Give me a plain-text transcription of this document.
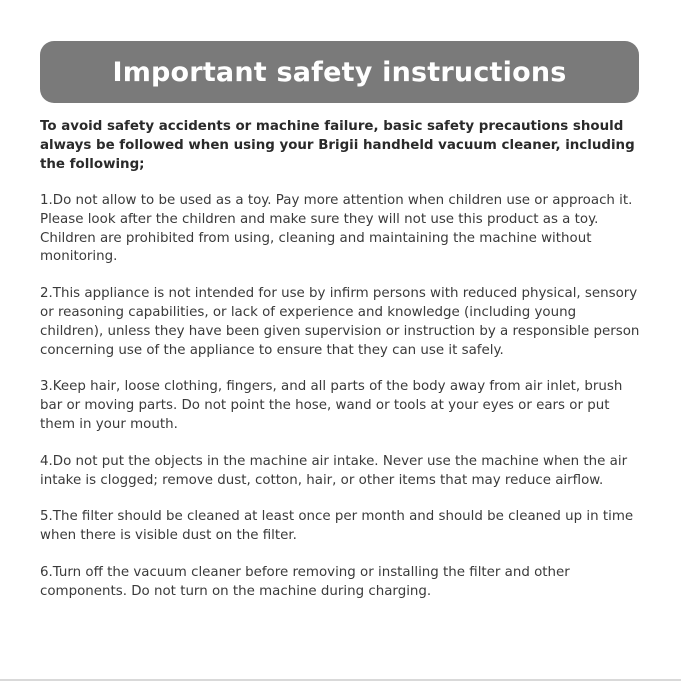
Important safety instructions

To avoid safety accidents or machine failure, basic safety precautions should always be followed when using your Brigii handheld vacuum cleaner, including the following;

1.Do not allow to be used as a toy. Pay more attention when children use or approach it. Please look after the children and make sure they will not use this product as a toy. Children are prohibited from using, cleaning and maintaining the machine without monitoring.

2.This appliance is not intended for use by infirm persons with reduced physical, sensory or reasoning capabilities, or lack of experience and knowledge (including young children), unless they have been given supervision or instruction by a responsible person concerning use of the appliance to ensure that they can use it safely.

3.Keep hair, loose clothing, fingers, and all parts of the body away from air inlet, brush bar or moving parts. Do not point the hose, wand or tools at your eyes or ears or put them in your mouth.

4.Do not put the objects in the machine air intake. Never use the machine when the air intake is clogged; remove dust, cotton, hair, or other items that may reduce airflow.

5.The filter should be cleaned at least once per month and should be cleaned up in time when there is visible dust on the filter.

6.Turn off the vacuum cleaner before removing or installing the filter and other components. Do not turn on the machine during charging.
